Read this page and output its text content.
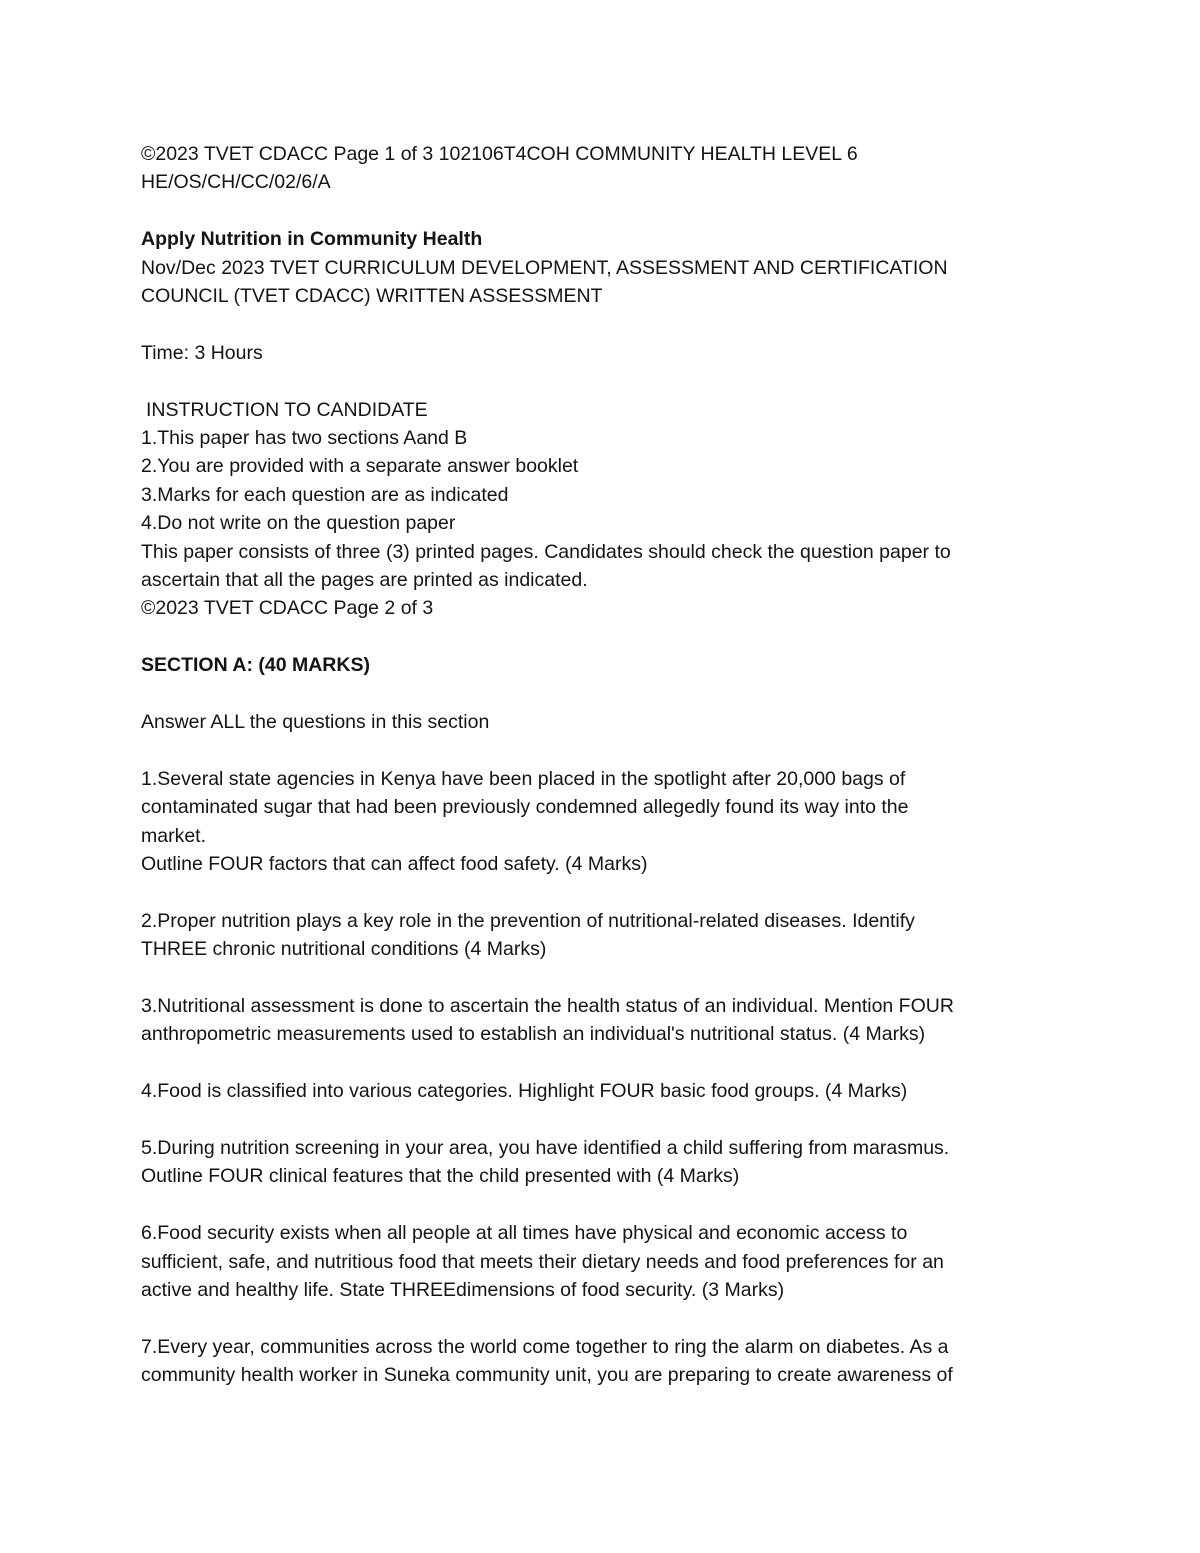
©2023 TVET CDACC Page 1 of 3 102106T4COH COMMUNITY HEALTH LEVEL 6
HE/OS/CH/CC/02/6/A
Apply Nutrition in Community Health
Nov/Dec 2023 TVET CURRICULUM DEVELOPMENT, ASSESSMENT AND CERTIFICATION
COUNCIL (TVET CDACC) WRITTEN ASSESSMENT
Time: 3 Hours
INSTRUCTION TO CANDIDATE
1.This paper has two sections Aand B
2.You are provided with a separate answer booklet
3.Marks for each question are as indicated
4.Do not write on the question paper
This paper consists of three (3) printed pages. Candidates should check the question paper to
ascertain that all the pages are printed as indicated.
©2023 TVET CDACC Page 2 of 3
SECTION A: (40 MARKS)
Answer ALL the questions in this section
1.Several state agencies in Kenya have been placed in the spotlight after 20,000 bags of
contaminated sugar that had been previously condemned allegedly found its way into the
market.
Outline FOUR factors that can affect food safety. (4 Marks)
2.Proper nutrition plays a key role in the prevention of nutritional-related diseases. Identify
THREE chronic nutritional conditions (4 Marks)
3.Nutritional assessment is done to ascertain the health status of an individual. Mention FOUR
anthropometric measurements used to establish an individual's nutritional status. (4 Marks)
4.Food is classified into various categories. Highlight FOUR basic food groups. (4 Marks)
5.During nutrition screening in your area, you have identified a child suffering from marasmus.
Outline FOUR clinical features that the child presented with (4 Marks)
6.Food security exists when all people at all times have physical and economic access to
sufficient, safe, and nutritious food that meets their dietary needs and food preferences for an
active and healthy life. State THREEdimensions of food security. (3 Marks)
7.Every year, communities across the world come together to ring the alarm on diabetes. As a
community health worker in Suneka community unit, you are preparing to create awareness of
